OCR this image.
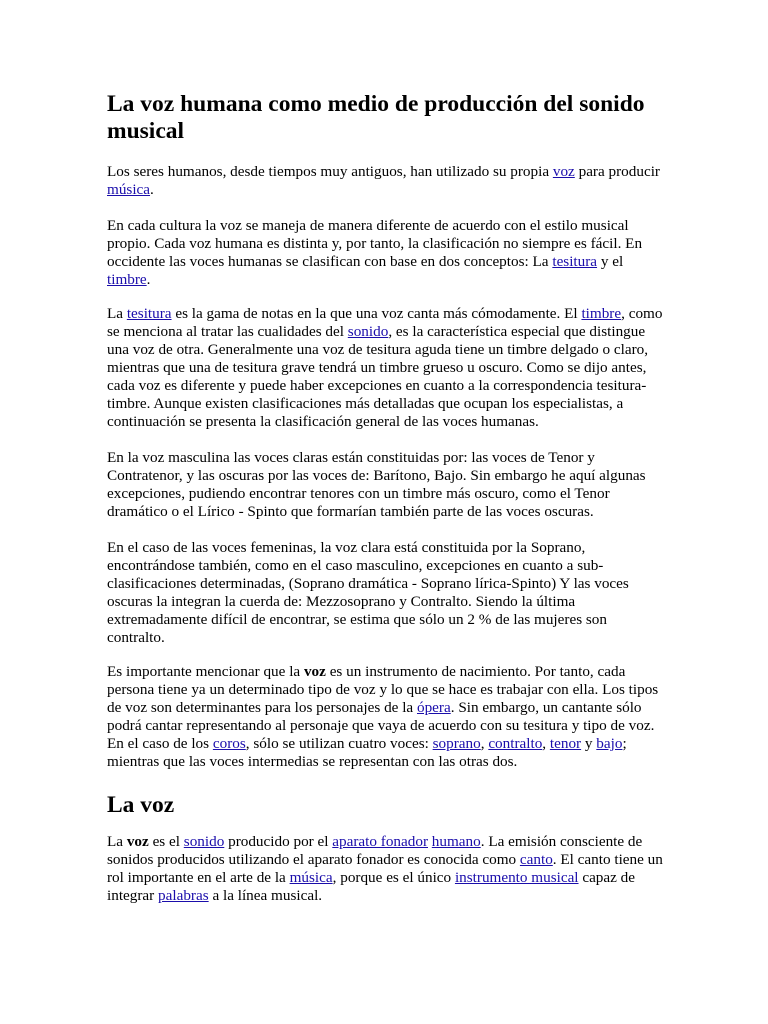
La voz humana como medio de producción del sonido musical

Los seres humanos, desde tiempos muy antiguos, han utilizado su propia voz para producir música.

En cada cultura la voz se maneja de manera diferente de acuerdo con el estilo musical propio. Cada voz humana es distinta y, por tanto, la clasificación no siempre es fácil. En occidente las voces humanas se clasifican con base en dos conceptos: La tesitura y el timbre.

La tesitura es la gama de notas en la que una voz canta más cómodamente. El timbre, como se menciona al tratar las cualidades del sonido, es la característica especial que distingue una voz de otra. Generalmente una voz de tesitura aguda tiene un timbre delgado o claro, mientras que una de tesitura grave tendrá un timbre grueso u oscuro. Como se dijo antes, cada voz es diferente y puede haber excepciones en cuanto a la correspondencia tesitura-timbre. Aunque existen clasificaciones más detalladas que ocupan los especialistas, a continuación se presenta la clasificación general de las voces humanas.

En la voz masculina las voces claras están constituidas por: las voces de Tenor y Contratenor, y las oscuras por las voces de: Barítono, Bajo. Sin embargo he aquí algunas excepciones, pudiendo encontrar tenores con un timbre más oscuro, como el Tenor dramático o el Lírico - Spinto que formarían también parte de las voces oscuras.

En el caso de las voces femeninas, la voz clara está constituida por la Soprano, encontrándose también, como en el caso masculino, excepciones en cuanto a sub-clasificaciones determinadas, (Soprano dramática - Soprano lírica-Spinto) Y las voces oscuras la integran la cuerda de: Mezzosoprano y Contralto. Siendo la última extremadamente difícil de encontrar, se estima que sólo un 2 % de las mujeres son contralto.

Es importante mencionar que la voz es un instrumento de nacimiento. Por tanto, cada persona tiene ya un determinado tipo de voz y lo que se hace es trabajar con ella. Los tipos de voz son determinantes para los personajes de la ópera. Sin embargo, un cantante sólo podrá cantar representando al personaje que vaya de acuerdo con su tesitura y tipo de voz. En el caso de los coros, sólo se utilizan cuatro voces: soprano, contralto, tenor y bajo; mientras que las voces intermedias se representan con las otras dos.

La voz

La voz es el sonido producido por el aparato fonador humano. La emisión consciente de sonidos producidos utilizando el aparato fonador es conocida como canto. El canto tiene un rol importante en el arte de la música, porque es el único instrumento musical capaz de integrar palabras a la línea musical.
